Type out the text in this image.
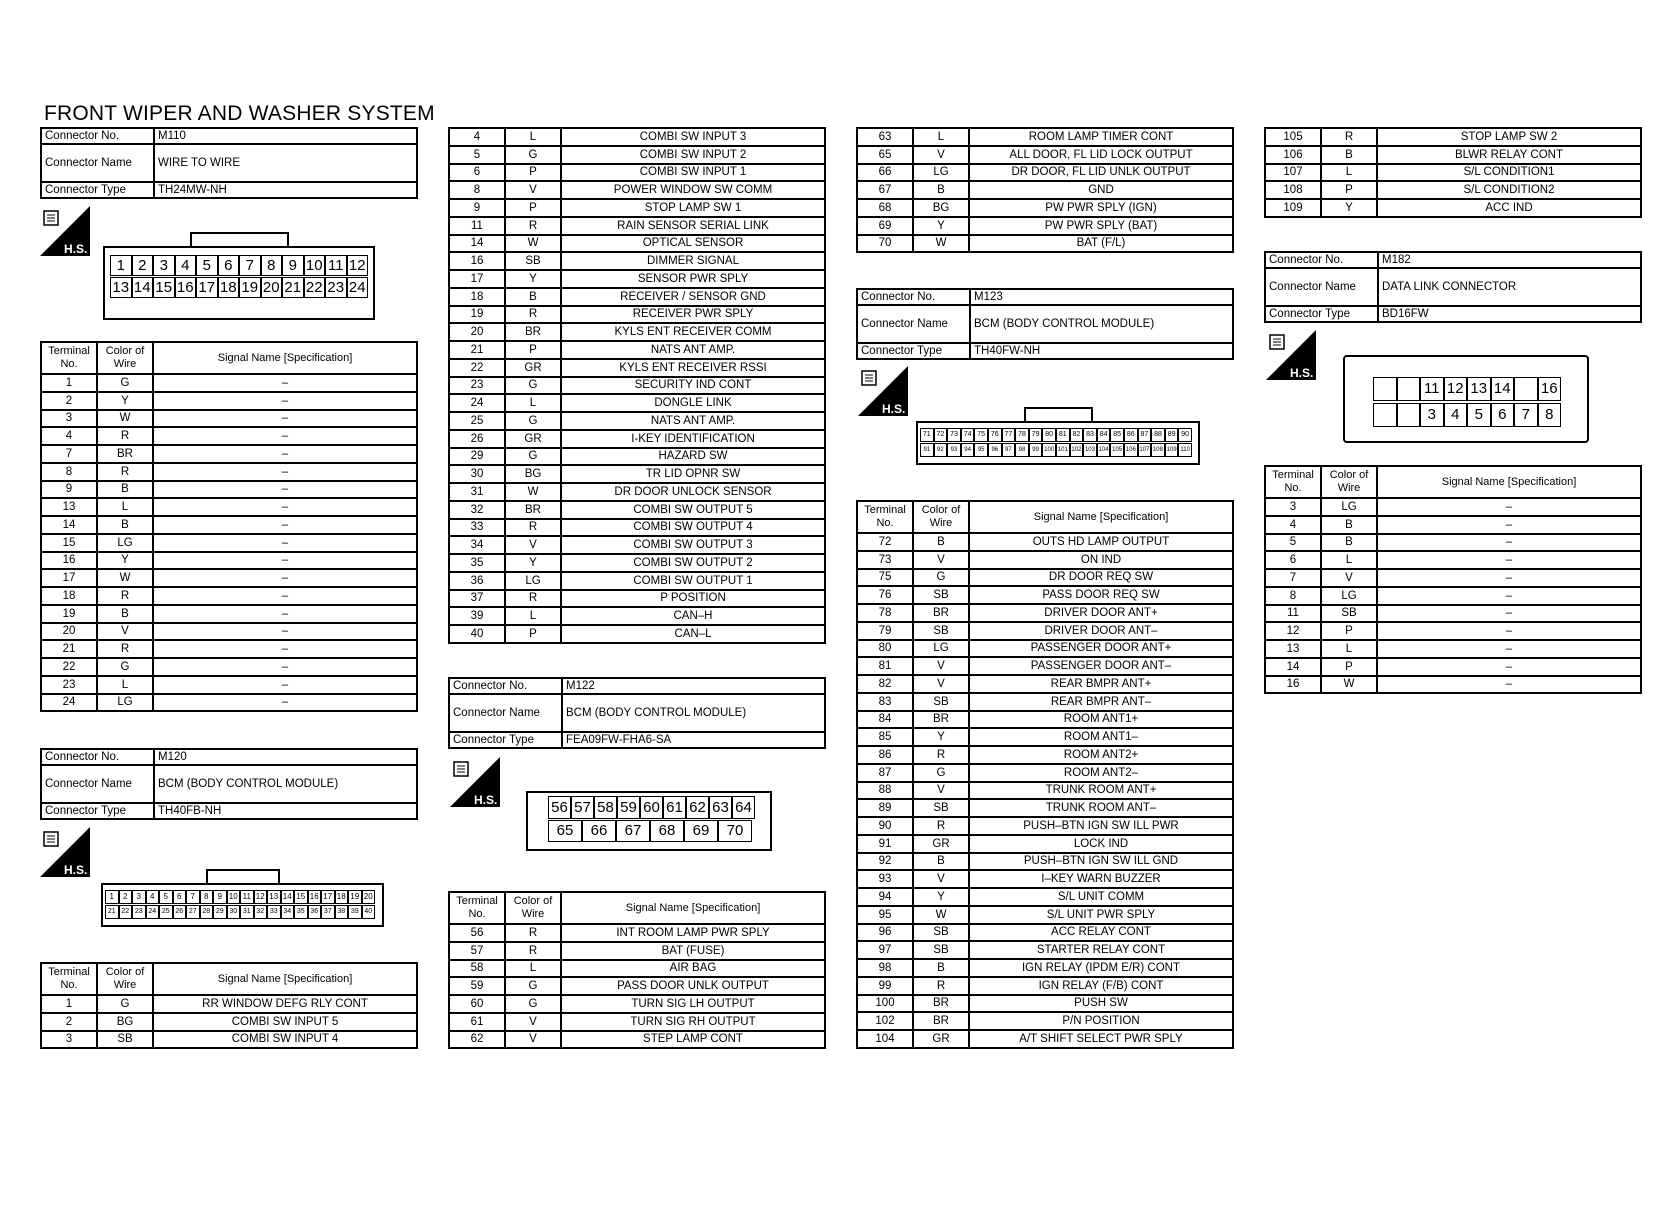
FRONT WIPER AND WASHER SYSTEM
Connector No.	M110
Connector Name	WIRE TO WIRE
Connector Type	TH24MW-NH
Connector No.	M120
Connector Name	BCM (BODY CONTROL MODULE)
Connector Type	TH40FB-NH
Connector No.	M122
Connector Name	BCM (BODY CONTROL MODULE)
Connector Type	FEA09FW-FHA6-SA
Connector No.	M123
Connector Name	BCM (BODY CONTROL MODULE)
Connector Type	TH40FW-NH
Connector No.	M182
Connector Name	DATA LINK CONNECTOR
Connector Type	BD16FW
H.S.
H.S.
H.S.
H.S.
H.S.
1 2 3 4 5 6 7 8 9 10 11 12
13 14 15 16 17 18 19 20 21 22 23 24
1	2	3	4	5	6	7	8	9 10 11 12 13 14 15 16 17 18 19 20
21 22 23 24 25 26 27 28 29 30 31 32 33 34 35 36 37 38 39 40
56 57 58 59 60 61 62 63 64
65	66	67	68	69	70
71 72 73 74 75 76 77 78 79 80 81 82 83 84 85 86 87 88 89 90
91	92	93	94	95	96	97	98	99 100 101 102 103 104 105 106 107 108 109 110
11 12 13 14 16
3	4	5	6	7	8
Terminal No.	Color of Wire	Signal Name [Specification]
1	G	–
2	Y	–
3	W	–
4	R	–
7	BR	–
8	R	–
9	B	–
13	L	–
14	B	–
15	LG	–
16	Y	–
17	W	–
18	R	–
19	B	–
20	V	–
21	R	–
22	G	–
23	L	–
24	LG	–
Terminal No.	Color of Wire	Signal Name [Specification]
1	G	RR WINDOW DEFG RLY CONT
2	BG	COMBI SW INPUT 5
3	SB	COMBI SW INPUT 4
4	L	COMBI SW INPUT 3
5	G	COMBI SW INPUT 2
6	P	COMBI SW INPUT 1
8	V	POWER WINDOW SW COMM
9	P	STOP LAMP SW 1
11	R	RAIN SENSOR SERIAL LINK
14	W	OPTICAL SENSOR
16	SB	DIMMER SIGNAL
17	Y	SENSOR PWR SPLY
18	B	RECEIVER / SENSOR GND
19	R	RECEIVER PWR SPLY
20	BR	KYLS ENT RECEIVER COMM
21	P	NATS ANT AMP.
22	GR	KYLS ENT RECEIVER RSSI
23	G	SECURITY IND CONT
24	L	DONGLE LINK
25	G	NATS ANT AMP.
26	GR	I-KEY IDENTIFICATION
29	G	HAZARD SW
30	BG	TR LID OPNR SW
31	W	DR DOOR UNLOCK SENSOR
32	BR	COMBI SW OUTPUT 5
33	R	COMBI SW OUTPUT 4
34	V	COMBI SW OUTPUT 3
35	Y	COMBI SW OUTPUT 2
36	LG	COMBI SW OUTPUT 1
37	R	P POSITION
39	L	CAN–H
40	P	CAN–L
Terminal No.	Color of Wire	Signal Name [Specification]
56	R	INT ROOM LAMP PWR SPLY
57	R	BAT (FUSE)
58	L	AIR BAG
59	G	PASS DOOR UNLK OUTPUT
60	G	TURN SIG LH OUTPUT
61	V	TURN SIG RH OUTPUT
62	V	STEP LAMP CONT
63	L	ROOM LAMP TIMER CONT
65	V	ALL DOOR, FL LID LOCK OUTPUT
66	LG	DR DOOR, FL LID UNLK OUTPUT
67	B	GND
68	BG	PW PWR SPLY (IGN)
69	Y	PW PWR SPLY (BAT)
70	W	BAT (F/L)
Terminal No.	Color of Wire	Signal Name [Specification]
72	B	OUTS HD LAMP OUTPUT
73	V	ON IND
75	G	DR DOOR REQ SW
76	SB	PASS DOOR REQ SW
78	BR	DRIVER DOOR ANT+
79	SB	DRIVER DOOR ANT–
80	LG	PASSENGER DOOR ANT+
81	V	PASSENGER DOOR ANT–
82	V	REAR BMPR ANT+
83	SB	REAR BMPR ANT–
84	BR	ROOM ANT1+
85	Y	ROOM ANT1–
86	R	ROOM ANT2+
87	G	ROOM ANT2–
88	V	TRUNK ROOM ANT+
89	SB	TRUNK ROOM ANT–
90	R	PUSH–BTN IGN SW ILL PWR
91	GR	LOCK IND
92	B	PUSH–BTN IGN SW ILL GND
93	V	I–KEY WARN BUZZER
94	Y	S/L UNIT COMM
95	W	S/L UNIT PWR SPLY
96	SB	ACC RELAY CONT
97	SB	STARTER RELAY CONT
98	B	IGN RELAY (IPDM E/R) CONT
99	R	IGN RELAY (F/B) CONT
100	BR	PUSH SW
102	BR	P/N POSITION
104	GR	A/T SHIFT SELECT PWR SPLY
105	R	STOP LAMP SW 2
106	B	BLWR RELAY CONT
107	L	S/L CONDITION1
108	P	S/L CONDITION2
109	Y	ACC IND
Terminal No.	Color of Wire	Signal Name [Specification]
3	LG	–
4	B	–
5	B	–
6	L	–
7	V	–
8	LG	–
11	SB	–
12	P	–
13	L	–
14	P	–
16	W	–
